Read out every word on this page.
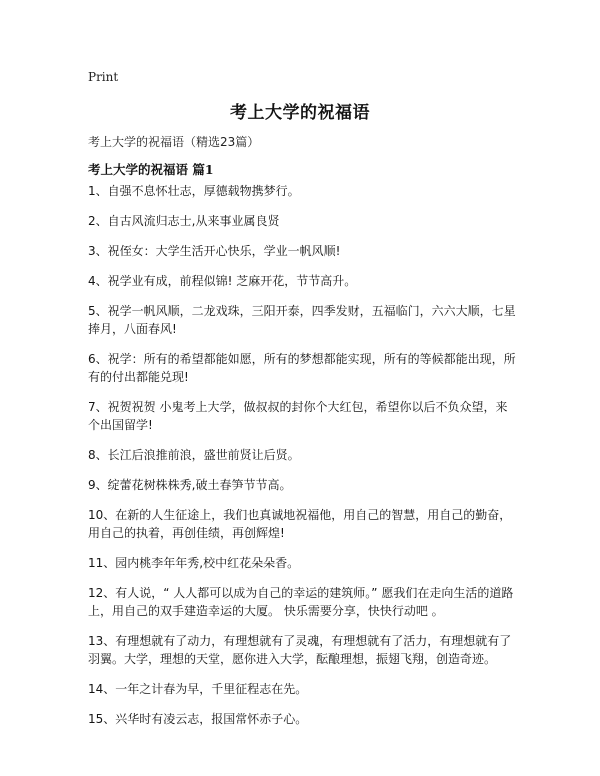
Print
考上大学的祝福语

考上大学的祝福语（精选23篇）

考上大学的祝福语 篇1
1、自强不息怀壮志，厚德载物携梦行。
2、自古风流归志士,从来事业属良贤
3、祝侄女：大学生活开心快乐，学业一帆风顺!
4、祝学业有成，前程似锦! 芝麻开花，节节高升。
5、祝学一帆风顺，二龙戏珠，三阳开泰，四季发财，五福临门，六六大顺，七星捧月，八面春风!
6、祝学：所有的希望都能如愿，所有的梦想都能实现，所有的等候都能出现，所有的付出都能兑现!
7、祝贺祝贺 小鬼考上大学，做叔叔的封你个大红包，希望你以后不负众望，来个出国留学!
8、长江后浪推前浪，盛世前贤让后贤。
9、绽蕾花树株株秀,破土春笋节节高。
10、在新的人生征途上，我们也真诚地祝福他，用自己的智慧，用自己的勤奋，用自己的执着，再创佳绩，再创辉煌!
11、园内桃李年年秀,校中红花朵朵香。
12、有人说，“ 人人都可以成为自己的幸运的建筑师。” 愿我们在走向生活的道路上，用自己的双手建造幸运的大厦。 快乐需要分享，快快行动吧 。
13、有理想就有了动力，有理想就有了灵魂，有理想就有了活力，有理想就有了羽翼。大学，理想的天堂，愿你进入大学，酝酿理想，振翅飞翔，创造奇迹。
14、一年之计春为早，千里征程志在先。
15、兴华时有凌云志，报国常怀赤子心。
